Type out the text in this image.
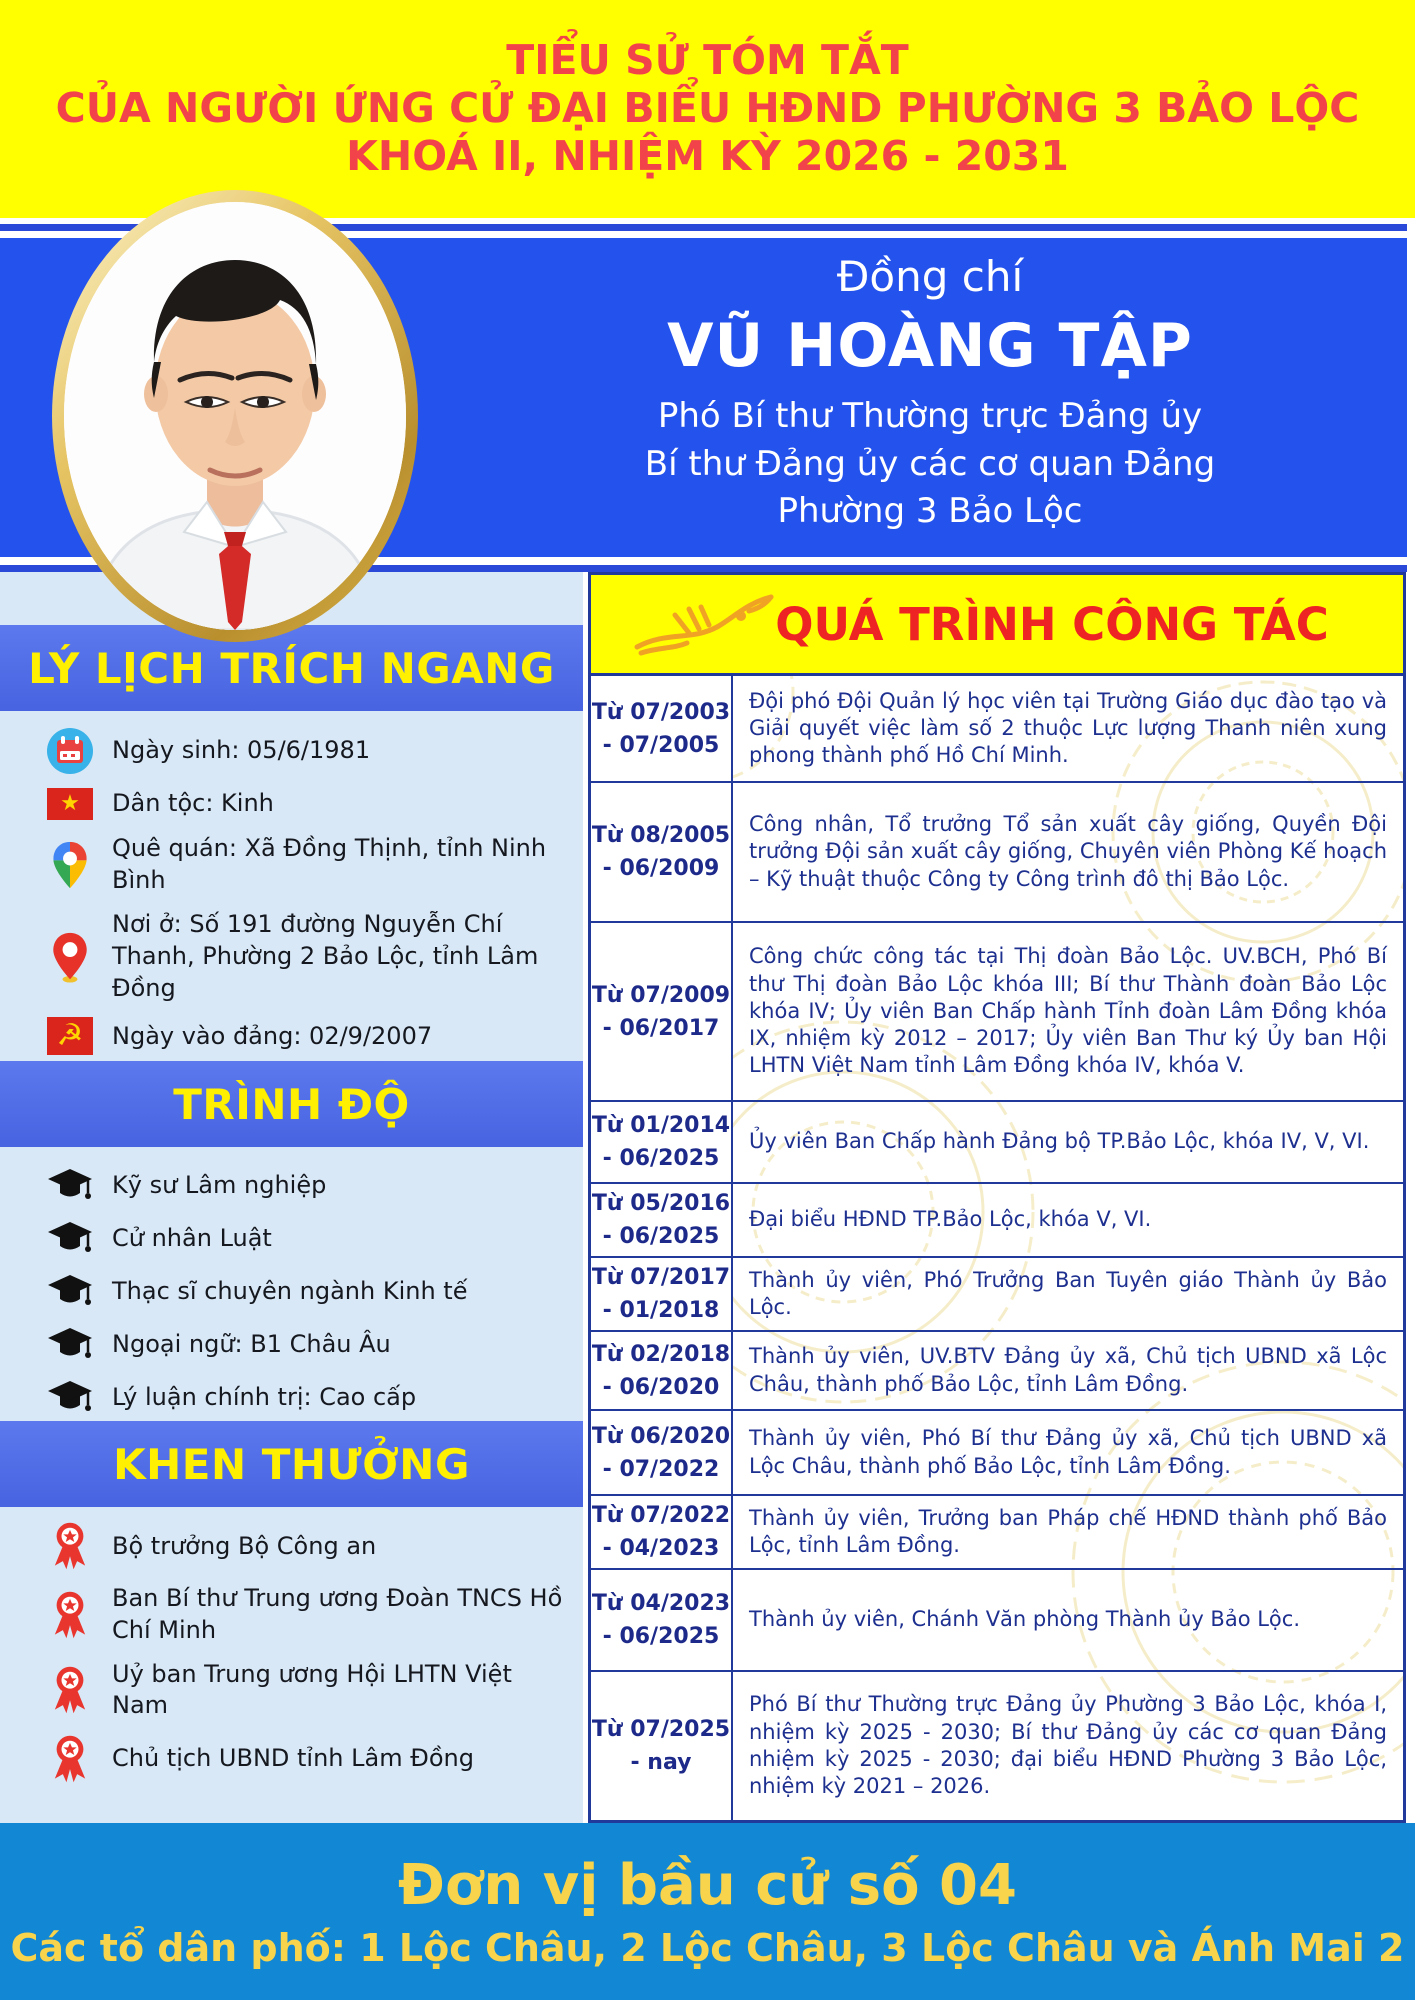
TIỂU SỬ TÓM TẮT
CỦA NGƯỜI ỨNG CỬ ĐẠI BIỂU HĐND PHƯỜNG 3 BẢO LỘC
KHOÁ II, NHIỆM KỲ 2026 - 2031
Đồng chí
VŨ HOÀNG TẬP
Phó Bí thư Thường trực Đảng ủy
Bí thư Đảng ủy các cơ quan Đảng
Phường 3 Bảo Lộc
LÝ LỊCH TRÍCH NGANG
Ngày sinh: 05/6/1981
★
Dân tộc: Kinh
Quê quán: Xã Đồng Thịnh, tỉnh Ninh Bình
Nơi ở: Số 191 đường Nguyễn Chí Thanh, Phường 2 Bảo Lộc, tỉnh Lâm Đồng
☭
Ngày vào đảng: 02/9/2007
TRÌNH ĐỘ
Kỹ sư Lâm nghiệp
Cử nhân Luật
Thạc sĩ chuyên ngành Kinh tế
Ngoại ngữ: B1 Châu Âu
Lý luận chính trị: Cao cấp
KHEN THƯỞNG
Bộ trưởng Bộ Công an
Ban Bí thư Trung ương Đoàn TNCS Hồ Chí Minh
Uỷ ban Trung ương Hội LHTN Việt Nam
Chủ tịch UBND tỉnh Lâm Đồng
QUÁ TRÌNH CÔNG TÁC
Từ 07/2003
- 07/2005
Đội phó Đội Quản lý học viên tại Trường Giáo dục đào tạo và Giải quyết việc làm số 2 thuộc Lực lượng Thanh niên xung phong thành phố Hồ Chí Minh.
Từ 08/2005
- 06/2009
Công nhân, Tổ trưởng Tổ sản xuất cây giống, Quyền Đội trưởng Đội sản xuất cây giống, Chuyên viên Phòng Kế hoạch – Kỹ thuật thuộc Công ty Công trình đô thị Bảo Lộc.
Từ 07/2009
- 06/2017
Công chức công tác tại Thị đoàn Bảo Lộc. UV.BCH, Phó Bí thư Thị đoàn Bảo Lộc khóa III; Bí thư Thành đoàn Bảo Lộc khóa IV; Ủy viên Ban Chấp hành Tỉnh đoàn Lâm Đồng khóa IX, nhiệm kỳ 2012 – 2017; Ủy viên Ban Thư ký Ủy ban Hội LHTN Việt Nam tỉnh Lâm Đồng khóa IV, khóa V.
Từ 01/2014
- 06/2025
Ủy viên Ban Chấp hành Đảng bộ TP.Bảo Lộc, khóa IV, V, VI.
Từ 05/2016
- 06/2025
Đại biểu HĐND TP.Bảo Lộc, khóa V, VI.
Từ 07/2017
- 01/2018
Thành ủy viên, Phó Trưởng Ban Tuyên giáo Thành ủy Bảo Lộc.
Từ 02/2018
- 06/2020
Thành ủy viên, UV.BTV Đảng ủy xã, Chủ tịch UBND xã Lộc Châu, thành phố Bảo Lộc, tỉnh Lâm Đồng.
Từ 06/2020
- 07/2022
Thành ủy viên, Phó Bí thư Đảng ủy xã, Chủ tịch UBND xã Lộc Châu, thành phố Bảo Lộc, tỉnh Lâm Đồng.
Từ 07/2022
- 04/2023
Thành ủy viên, Trưởng ban Pháp chế HĐND thành phố Bảo Lộc, tỉnh Lâm Đồng.
Từ 04/2023
- 06/2025
Thành ủy viên, Chánh Văn phòng Thành ủy Bảo Lộc.
Từ 07/2025
- nay
Phó Bí thư Thường trực Đảng ủy Phường 3 Bảo Lộc, khóa I, nhiệm kỳ 2025 - 2030; Bí thư Đảng ủy các cơ quan Đảng nhiệm kỳ 2025 - 2030; đại biểu HĐND Phường 3 Bảo Lộc, nhiệm kỳ 2021 – 2026.
Đơn vị bầu cử số 04
Các tổ dân phố: 1 Lộc Châu, 2 Lộc Châu, 3 Lộc Châu và Ánh Mai 2
